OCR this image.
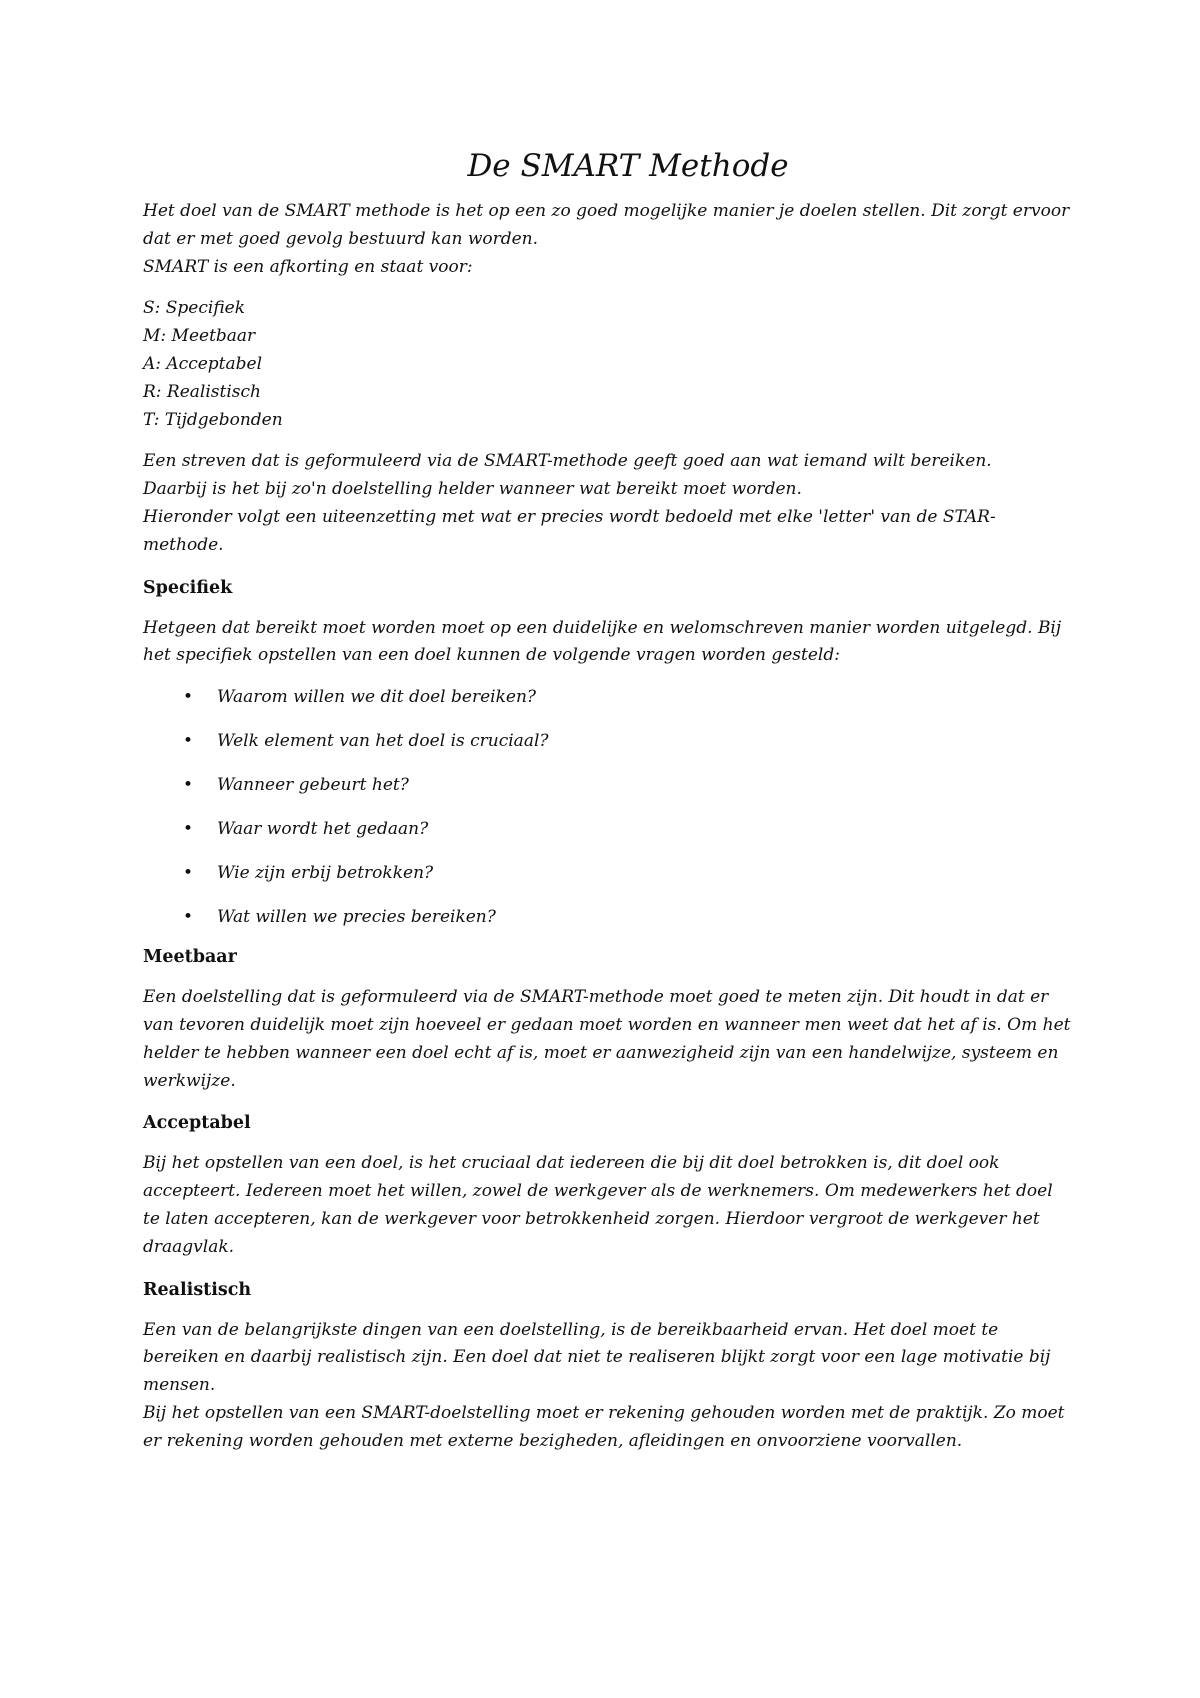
De SMART Methode

Het doel van de SMART methode is het op een zo goed mogelijke manier je doelen stellen. Dit zorgt ervoor dat er met goed gevolg bestuurd kan worden.
SMART is een afkorting en staat voor:

S: Specifiek
M: Meetbaar
A: Acceptabel
R: Realistisch
T: Tijdgebonden

Een streven dat is geformuleerd via de SMART-methode geeft goed aan wat iemand wilt bereiken.
Daarbij is het bij zo'n doelstelling helder wanneer wat bereikt moet worden.
Hieronder volgt een uiteenzetting met wat er precies wordt bedoeld met elke 'letter' van de STAR-methode.

Specifiek

Hetgeen dat bereikt moet worden moet op een duidelijke en welomschreven manier worden uitgelegd. Bij het specifiek opstellen van een doel kunnen de volgende vragen worden gesteld:

• Waarom willen we dit doel bereiken?
• Welk element van het doel is cruciaal?
• Wanneer gebeurt het?
• Waar wordt het gedaan?
• Wie zijn erbij betrokken?
• Wat willen we precies bereiken?
Meetbaar

Een doelstelling dat is geformuleerd via de SMART-methode moet goed te meten zijn. Dit houdt in dat er van tevoren duidelijk moet zijn hoeveel er gedaan moet worden en wanneer men weet dat het af is. Om het helder te hebben wanneer een doel echt af is, moet er aanwezigheid zijn van een handelwijze, systeem en werkwijze.

Acceptabel

Bij het opstellen van een doel, is het cruciaal dat iedereen die bij dit doel betrokken is, dit doel ook accepteert. Iedereen moet het willen, zowel de werkgever als de werknemers. Om medewerkers het doel te laten accepteren, kan de werkgever voor betrokkenheid zorgen. Hierdoor vergroot de werkgever het draagvlak.

Realistisch

Een van de belangrijkste dingen van een doelstelling, is de bereikbaarheid ervan. Het doel moet te bereiken en daarbij realistisch zijn. Een doel dat niet te realiseren blijkt zorgt voor een lage motivatie bij mensen.
Bij het opstellen van een SMART-doelstelling moet er rekening gehouden worden met de praktijk. Zo moet er rekening worden gehouden met externe bezigheden, afleidingen en onvoorziene voorvallen.
